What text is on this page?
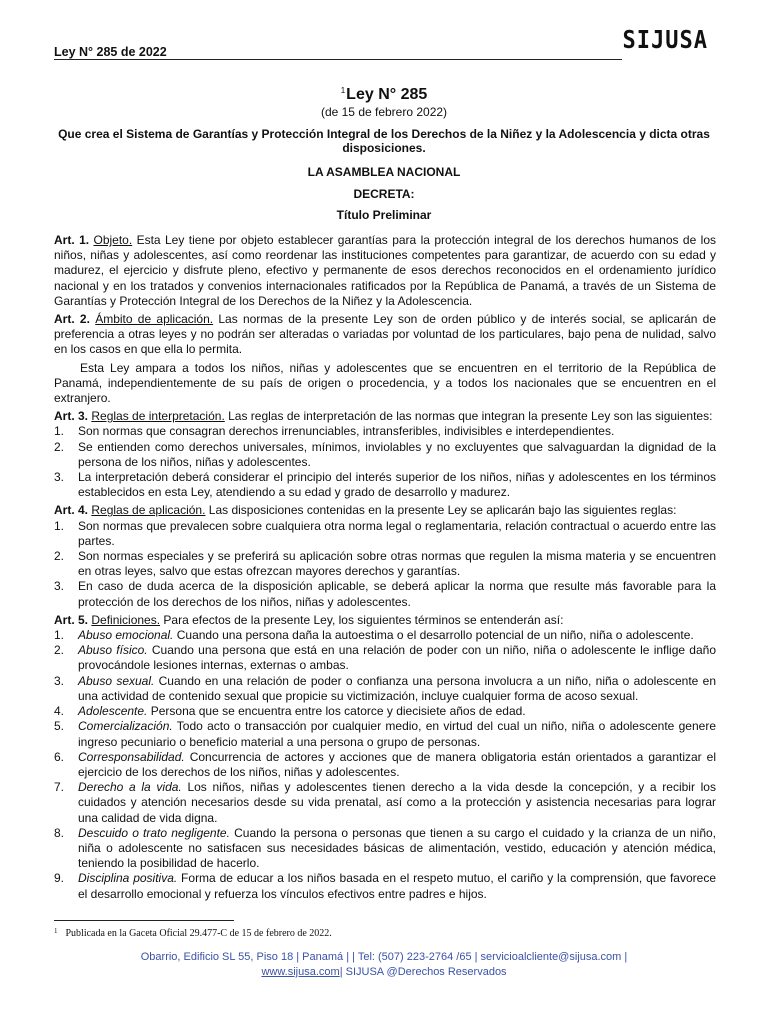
Ley N° 285 de 2022	SIJUSA
$^1$Ley N° 285
(de 15 de febrero 2022)
Que crea el Sistema de Garantías y Protección Integral de los Derechos de la Niñez y la Adolescencia y dicta otras disposiciones.
LA ASAMBLEA NACIONAL
DECRETA:
Título Preliminar

Art. 1. Objeto. Esta Ley tiene por objeto establecer garantías para la protección integral de los derechos humanos de los niños, niñas y adolescentes, así como reordenar las instituciones competentes para garantizar, de acuerdo con su edad y madurez, el ejercicio y disfrute pleno, efectivo y permanente de esos derechos reconocidos en el ordenamiento jurídico nacional y en los tratados y convenios internacionales ratificados por la República de Panamá, a través de un Sistema de Garantías y Protección Integral de los Derechos de la Niñez y la Adolescencia.

Art. 2. Ámbito de aplicación. Las normas de la presente Ley son de orden público y de interés social, se aplicarán de preferencia a otras leyes y no podrán ser alteradas o variadas por voluntad de los particulares, bajo pena de nulidad, salvo en los casos en que ella lo permita.

Esta Ley ampara a todos los niños, niñas y adolescentes que se encuentren en el territorio de la República de Panamá, independientemente de su país de origen o procedencia, y a todos los nacionales que se encuentren en el extranjero.

Art. 3. Reglas de interpretación. Las reglas de interpretación de las normas que integran la presente Ley son las siguientes:

1. Son normas que consagran derechos irrenunciables, intransferibles, indivisibles e interdependientes.
2. Se entienden como derechos universales, mínimos, inviolables y no excluyentes que salvaguardan la dignidad de la persona de los niños, niñas y adolescentes.
3. La interpretación deberá considerar el principio del interés superior de los niños, niñas y adolescentes en los términos establecidos en esta Ley, atendiendo a su edad y grado de desarrollo y madurez.

Art. 4. Reglas de aplicación. Las disposiciones contenidas en la presente Ley se aplicarán bajo las siguientes reglas:

1. Son normas que prevalecen sobre cualquiera otra norma legal o reglamentaria, relación contractual o acuerdo entre las partes.
2. Son normas especiales y se preferirá su aplicación sobre otras normas que regulen la misma materia y se encuentren en otras leyes, salvo que estas ofrezcan mayores derechos y garantías.
3. En caso de duda acerca de la disposición aplicable, se deberá aplicar la norma que resulte más favorable para la protección de los derechos de los niños, niñas y adolescentes.

Art. 5. Definiciones. Para efectos de la presente Ley, los siguientes términos se entenderán así:

1. Abuso emocional. Cuando una persona daña la autoestima o el desarrollo potencial de un niño, niña o adolescente.
2. Abuso físico. Cuando una persona que está en una relación de poder con un niño, niña o adolescente le inflige daño provocándole lesiones internas, externas o ambas.
3. Abuso sexual. Cuando en una relación de poder o confianza una persona involucra a un niño, niña o adolescente en una actividad de contenido sexual que propicie su victimización, incluye cualquier forma de acoso sexual.
4. Adolescente. Persona que se encuentra entre los catorce y diecisiete años de edad.
5. Comercialización. Todo acto o transacción por cualquier medio, en virtud del cual un niño, niña o adolescente genere ingreso pecuniario o beneficio material a una persona o grupo de personas.
6. Corresponsabilidad. Concurrencia de actores y acciones que de manera obligatoria están orientados a garantizar el ejercicio de los derechos de los niños, niñas y adolescentes.
7. Derecho a la vida. Los niños, niñas y adolescentes tienen derecho a la vida desde la concepción, y a recibir los cuidados y atención necesarios desde su vida prenatal, así como a la protección y asistencia necesarias para lograr una calidad de vida digna.
8. Descuido o trato negligente. Cuando la persona o personas que tienen a su cargo el cuidado y la crianza de un niño, niña o adolescente no satisfacen sus necesidades básicas de alimentación, vestido, educación y atención médica, teniendo la posibilidad de hacerlo.
9. Disciplina positiva. Forma de educar a los niños basada en el respeto mutuo, el cariño y la comprensión, que favorece el desarrollo emocional y refuerza los vínculos efectivos entre padres e hijos.
$^1$ Publicada en la Gaceta Oficial 29.477-C de 15 de febrero de 2022.
Obarrio, Edificio SL 55, Piso 18 | Panamá | | Tel: (507) 223-2764 /65 | servicioalcliente@sijusa.com |
www.sijusa.com| SIJUSA @Derechos Reservados
